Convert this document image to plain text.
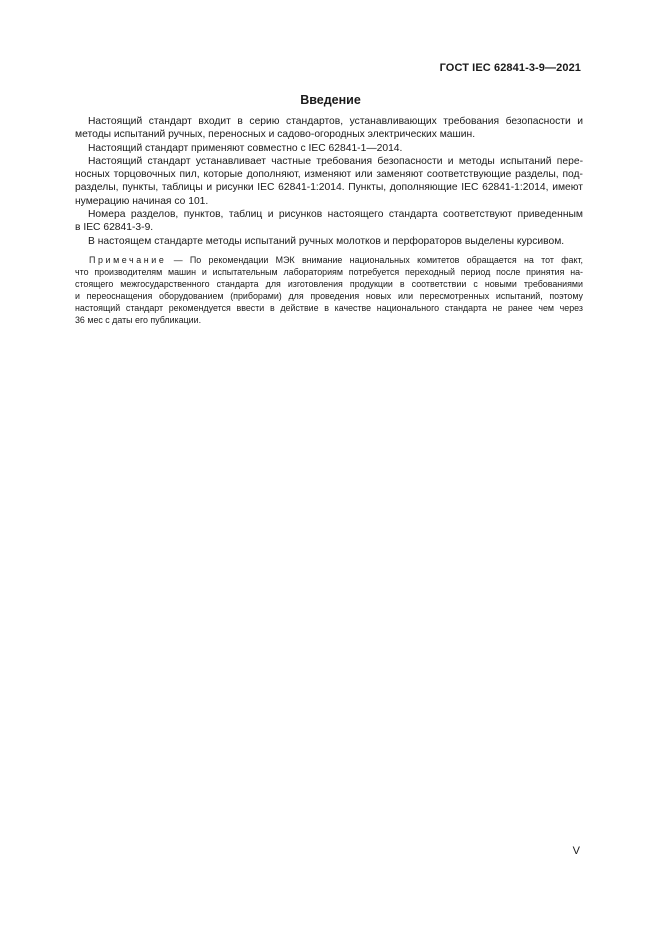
ГОСТ IEC 62841-3-9—2021
Введение

Настоящий стандарт входит в серию стандартов, устанавливающих требования безопасности и
методы испытаний ручных, переносных и садово-огородных электрических машин.

Настоящий стандарт применяют совместно с IEC 62841-1—2014.

Настоящий стандарт устанавливает частные требования безопасности и методы испытаний пере-
носных торцовочных пил, которые дополняют, изменяют или заменяют соответствующие разделы, под-
разделы, пункты, таблицы и рисунки IEC 62841-1:2014. Пункты, дополняющие IEC 62841-1:2014, имеют
нумерацию начиная со 101.

Номера разделов, пунктов, таблиц и рисунков настоящего стандарта соответствуют приведенным
в IEC 62841-3-9.

В настоящем стандарте методы испытаний ручных молотков и перфораторов выделены курсивом.

Примечание — По рекомендации МЭК внимание национальных комитетов обращается на тот факт,
что производителям машин и испытательным лабораториям потребуется переходный период после принятия на-
стоящего межгосударственного стандарта для изготовления продукции в соответствии с новыми требованиями
и переоснащения оборудованием (приборами) для проведения новых или пересмотренных испытаний, поэтому
настоящий стандарт рекомендуется ввести в действие в качестве национального стандарта не ранее чем через
36 мес с даты его публикации.
V
